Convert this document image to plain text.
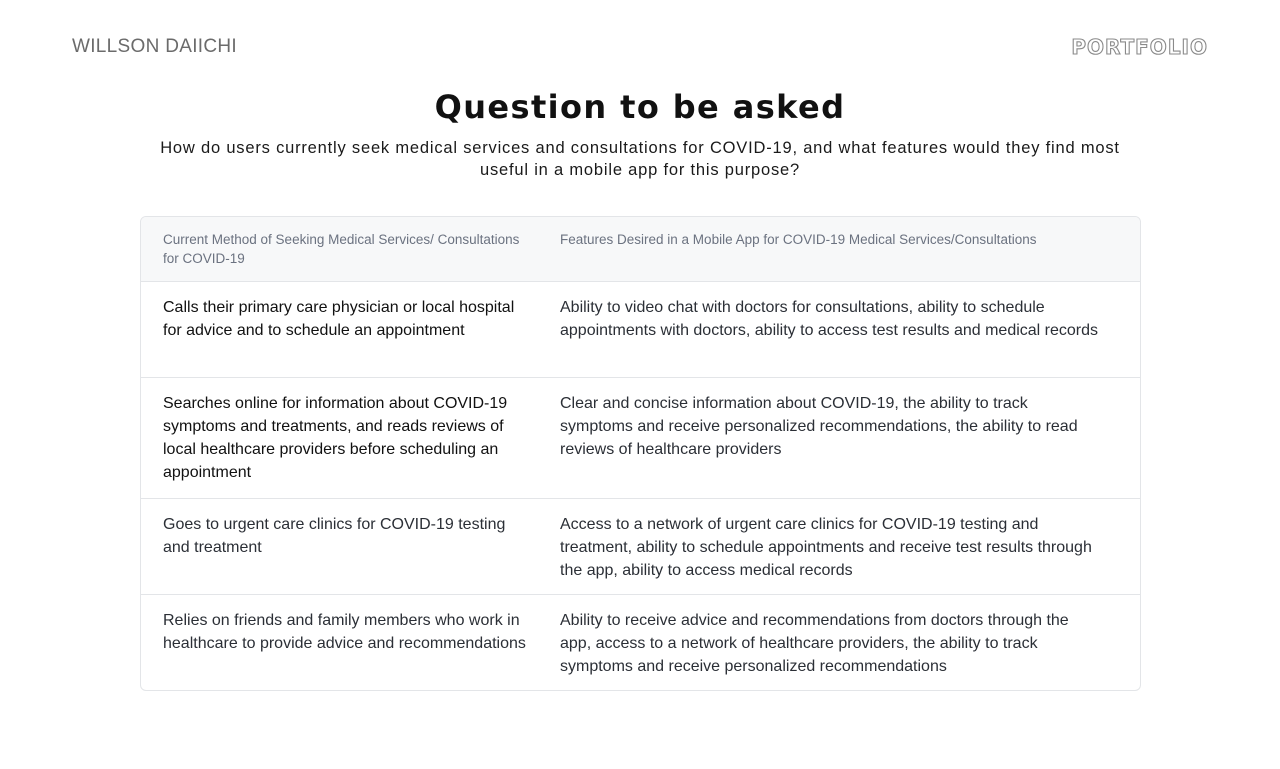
WILLSON DAIICHI	PORTFOLIO
Question to be asked

How do users currently seek medical services and consultations for COVID-19, and what features would they find most useful in a mobile app for this purpose?

Current Method of Seeking Medical Services/ Consultations for COVID-19
Features Desired in a Mobile App for COVID-19 Medical Services/Consultations
Calls their primary care physician or local hospital for advice and to schedule an appointment
Ability to video chat with doctors for consultations, ability to schedule appointments with doctors, ability to access test results and medical records
Searches online for information about COVID-19 symptoms and treatments, and reads reviews of local healthcare providers before scheduling an appointment
Clear and concise information about COVID-19, the ability to track symptoms and receive personalized recommendations, the ability to read reviews of healthcare providers
Goes to urgent care clinics for COVID-19 testing and treatment
Access to a network of urgent care clinics for COVID-19 testing and treatment, ability to schedule appointments and receive test results through the app, ability to access medical records
Relies on friends and family members who work in healthcare to provide advice and recommendations
Ability to receive advice and recommendations from doctors through the app, access to a network of healthcare providers, the ability to track symptoms and receive personalized recommendations
